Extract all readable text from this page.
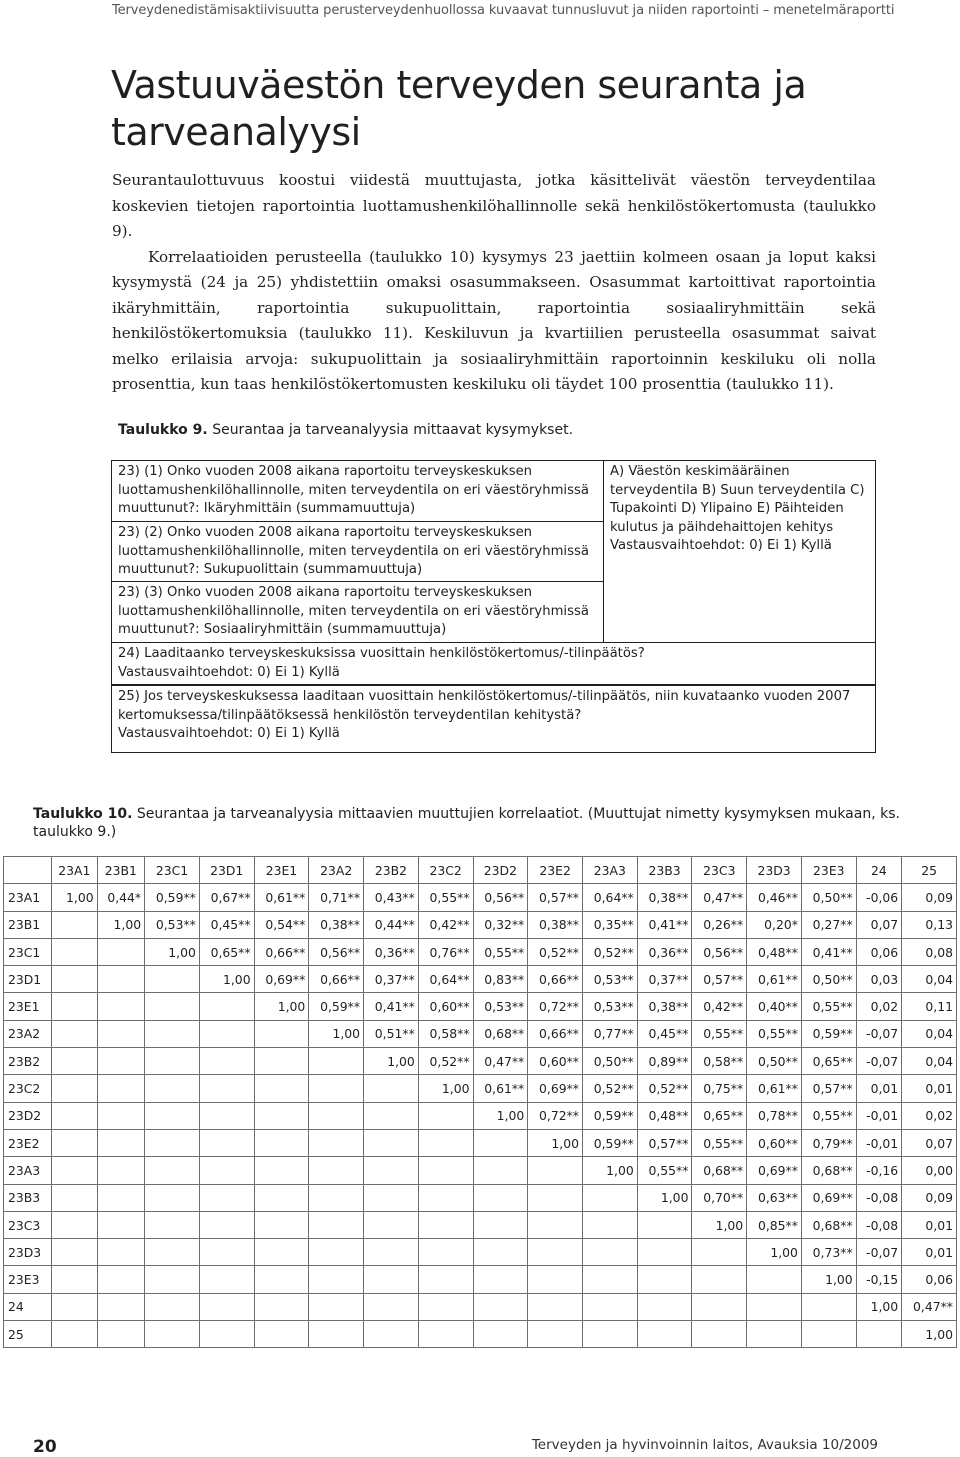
Terveydenedistämisaktiivisuutta perusterveydenhuollossa kuvaavat tunnusluvut ja niiden raportointi – menetelmäraportti
Vastuuväestön terveyden seuranta ja tarveanalyysi

Seurantaulottuvuus koostui viidestä muuttujasta, jotka käsittelivät väestön terveydentilaa koskevien tietojen raportointia luottamushenkilöhallinnolle sekä henkilöstökertomusta (taulukko 9).

Korrelaatioiden perusteella (taulukko 10) kysymys 23 jaettiin kolmeen osaan ja loput kaksi kysymystä (24 ja 25) yhdistettiin omaksi osasummakseen. Osasummat kartoittivat raportointia ikäryhmittäin, raportointia sukupuolittain, raportointia sosiaaliryhmittäin sekä henkilöstökertomuksia (taulukko 11). Keskiluvun ja kvartiilien perusteella osasummat saivat melko erilaisia arvoja: sukupuolittain ja sosiaaliryhmittäin raportoinnin keskiluku oli nolla prosenttia, kun taas henkilöstökertomusten keskiluku oli täydet 100 prosenttia (taulukko 11).

Taulukko 9. Seurantaa ja tarveanalyysia mittaavat kysymykset.
23) (1) Onko vuoden 2008 aikana raportoitu terveyskeskuksen luottamushenkilöhallinnolle, miten terveydentila on eri väestöryhmissä muuttunut?: Ikäryhmittäin (summamuuttuja)
23) (2) Onko vuoden 2008 aikana raportoitu terveyskeskuksen luottamushenkilöhallinnolle, miten terveydentila on eri väestöryhmissä muuttunut?: Sukupuolittain (summamuuttuja)
23) (3) Onko vuoden 2008 aikana raportoitu terveyskeskuksen luottamushenkilöhallinnolle, miten terveydentila on eri väestöryhmissä muuttunut?: Sosiaaliryhmittäin (summamuuttuja)
A) Väestön keskimääräinen terveydentila B) Suun terveydentila C) Tupakointi D) Ylipaino E) Päihteiden kulutus ja päihdehaittojen kehitys
Vastausvaihtoehdot: 0) Ei 1) Kyllä
24) Laaditaanko terveyskeskuksissa vuosittain henkilöstökertomus/-tilinpäätös?
Vastausvaihtoehdot: 0) Ei 1) Kyllä
25) Jos terveyskeskuksessa laaditaan vuosittain henkilöstökertomus/-tilinpäätös, niin kuvataanko vuoden 2007 kertomuksessa/tilinpäätöksessä henkilöstön terveydentilan kehitystä?
Vastausvaihtoehdot: 0) Ei 1) Kyllä
Taulukko 10. Seurantaa ja tarveanalyysia mittaavien muuttujien korrelaatiot. (Muuttujat nimetty kysymyksen mukaan, ks. taulukko 9.)
	23A1	23B1	23C1	23D1	23E1	23A2	23B2	23C2	23D2	23E2	23A3	23B3	23C3	23D3	23E3	24	25
23A1	1,00	0,44*	0,59**	0,67**	0,61**	0,71**	0,43**	0,55**	0,56**	0,57**	0,64**	0,38**	0,47**	0,46**	0,50**	-0,06	0,09
23B1		1,00	0,53**	0,45**	0,54**	0,38**	0,44**	0,42**	0,32**	0,38**	0,35**	0,41**	0,26**	0,20*	0,27**	0,07	0,13
23C1			1,00	0,65**	0,66**	0,56**	0,36**	0,76**	0,55**	0,52**	0,52**	0,36**	0,56**	0,48**	0,41**	0,06	0,08
23D1				1,00	0,69**	0,66**	0,37**	0,64**	0,83**	0,66**	0,53**	0,37**	0,57**	0,61**	0,50**	0,03	0,04
23E1					1,00	0,59**	0,41**	0,60**	0,53**	0,72**	0,53**	0,38**	0,42**	0,40**	0,55**	0,02	0,11
23A2						1,00	0,51**	0,58**	0,68**	0,66**	0,77**	0,45**	0,55**	0,55**	0,59**	-0,07	0,04
23B2							1,00	0,52**	0,47**	0,60**	0,50**	0,89**	0,58**	0,50**	0,65**	-0,07	0,04
23C2								1,00	0,61**	0,69**	0,52**	0,52**	0,75**	0,61**	0,57**	0,01	0,01
23D2									1,00	0,72**	0,59**	0,48**	0,65**	0,78**	0,55**	-0,01	0,02
23E2										1,00	0,59**	0,57**	0,55**	0,60**	0,79**	-0,01	0,07
23A3											1,00	0,55**	0,68**	0,69**	0,68**	-0,16	0,00
23B3												1,00	0,70**	0,63**	0,69**	-0,08	0,09
23C3													1,00	0,85**	0,68**	-0,08	0,01
23D3														1,00	0,73**	-0,07	0,01
23E3															1,00	-0,15	0,06
24																1,00	0,47**
25																	1,00
20	Terveyden ja hyvinvoinnin laitos, Avauksia 10/2009
